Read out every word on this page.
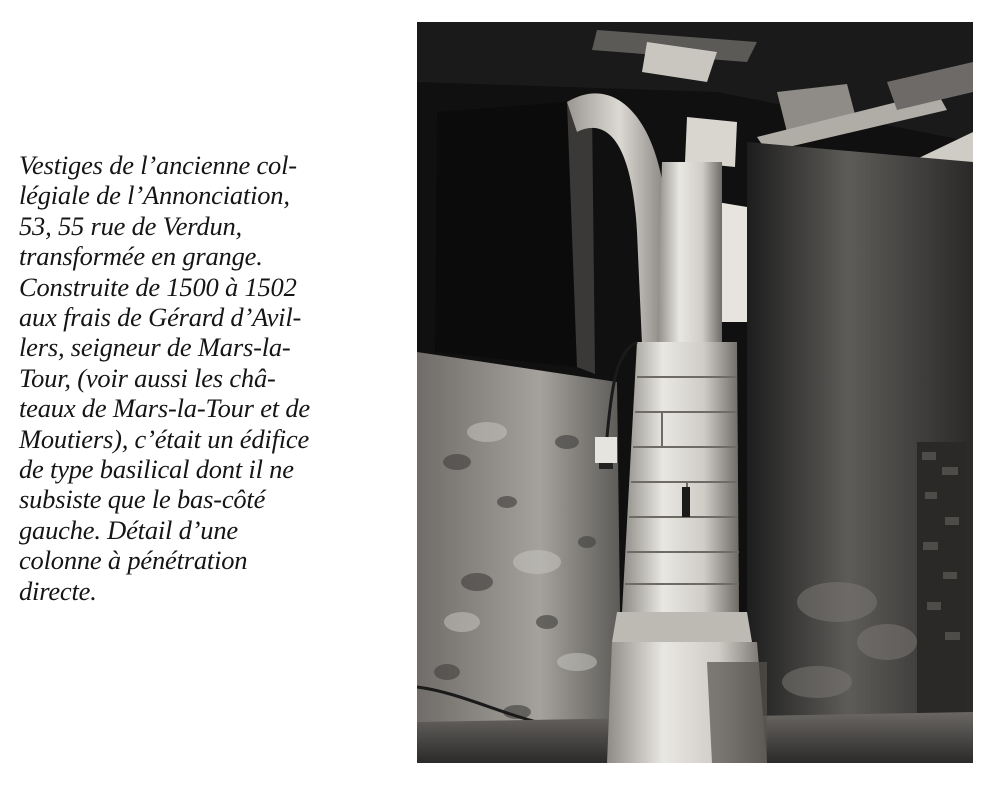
Vestiges de l’ancienne col-
légiale de l’Annonciation,
53, 55 rue de Verdun,
transformée en grange.
Construite de 1500 à 1502
aux frais de Gérard d’Avil-
lers, seigneur de Mars-la-
Tour, (voir aussi les châ-
teaux de Mars-la-Tour et de
Moutiers), c’était un édifice
de type basilical dont il ne
subsiste que le bas-côté
gauche. Détail d’une
colonne à pénétration
directe.
